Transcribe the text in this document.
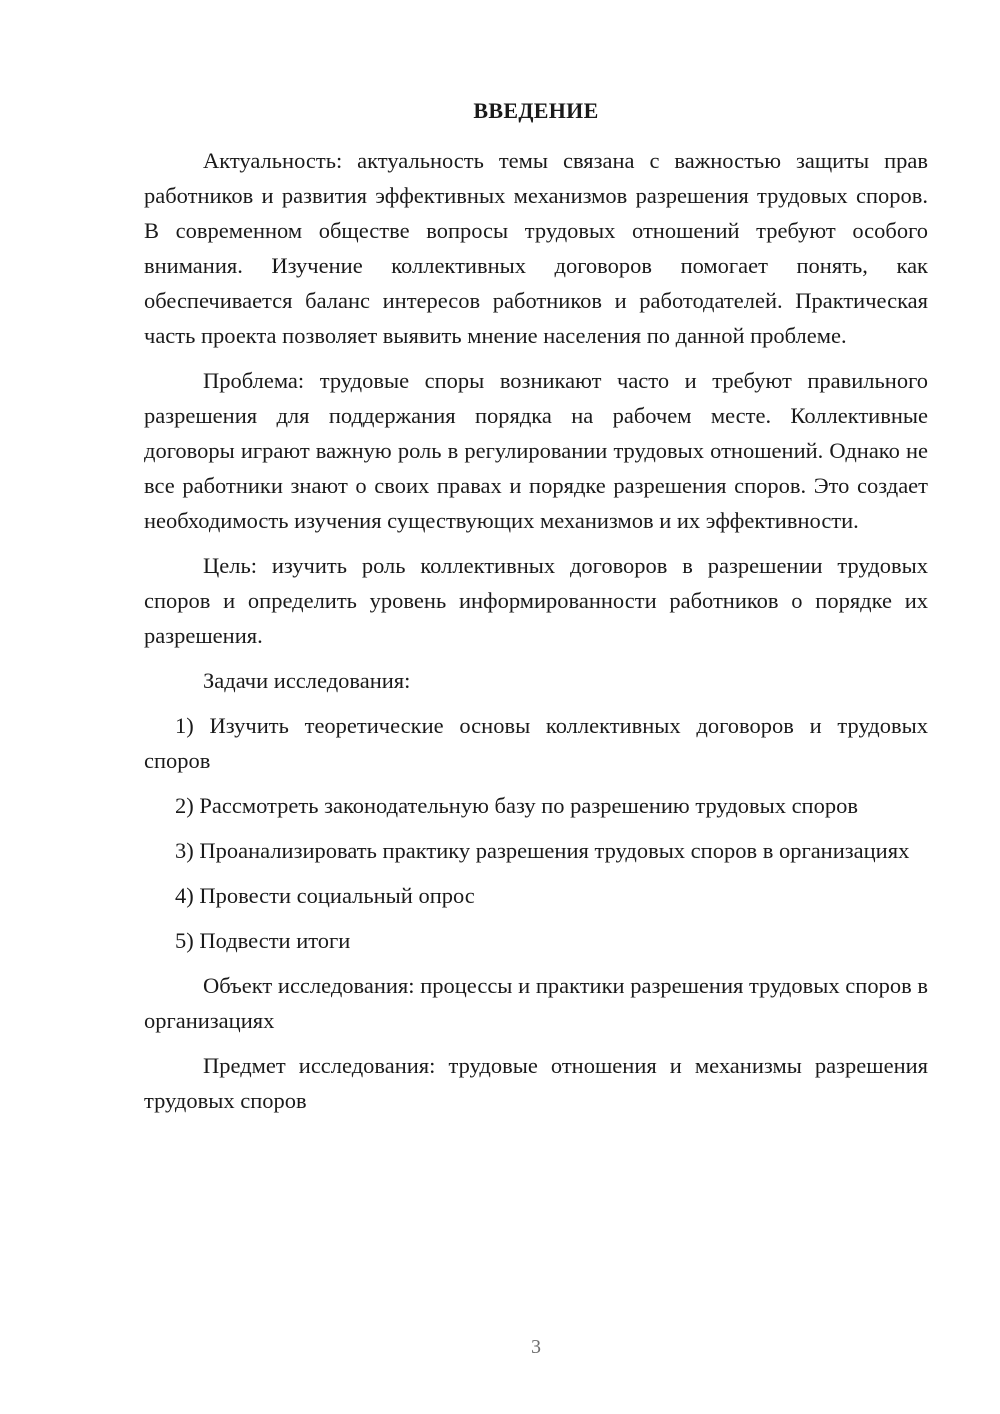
ВВЕДЕНИЕ

Актуальность: актуальность темы связана с важностью защиты прав работников и развития эффективных механизмов разрешения трудовых споров. В современном обществе вопросы трудовых отношений требуют особого внимания. Изучение коллективных договоров помогает понять, как обеспечивается баланс интересов работников и работодателей. Практическая часть проекта позволяет выявить мнение населения по данной проблеме.

Проблема: трудовые споры возникают часто и требуют правильного разрешения для поддержания порядка на рабочем месте. Коллективные договоры играют важную роль в регулировании трудовых отношений. Однако не все работники знают о своих правах и порядке разрешения споров. Это создает необходимость изучения существующих механизмов и их эффективности.

Цель: изучить роль коллективных договоров в разрешении трудовых споров и определить уровень информированности работников о порядке их разрешения.

Задачи исследования:

1) Изучить теоретические основы коллективных договоров и трудовых споров

2) Рассмотреть законодательную базу по разрешению трудовых споров

3) Проанализировать практику разрешения трудовых споров в организациях

4) Провести социальный опрос

5) Подвести итоги

Объект исследования: процессы и практики разрешения трудовых споров в организациях

Предмет исследования: трудовые отношения и механизмы разрешения трудовых споров

3
